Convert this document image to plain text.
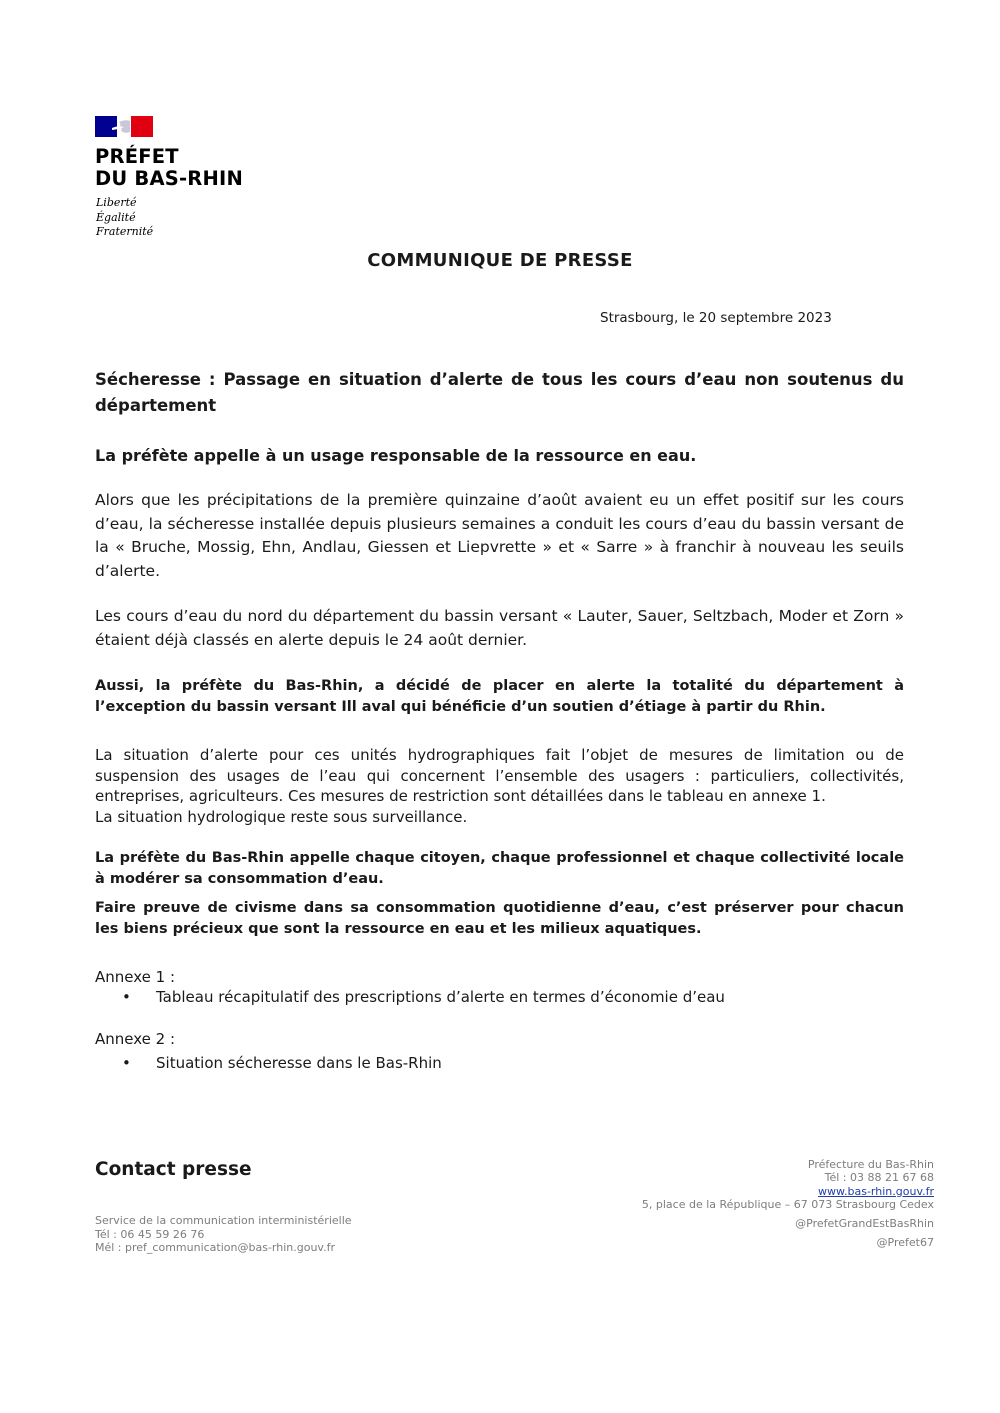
PRÉFET
DU BAS-RHIN
Liberté
Égalité
Fraternité
COMMUNIQUE DE PRESSE
Strasbourg, le 20 septembre 2023
Sécheresse : Passage en situation d’alerte de tous les cours d’eau non soutenus du département
La préfète appelle à un usage responsable de la ressource en eau.
Alors que les précipitations de la première quinzaine d’août avaient eu un effet positif sur les cours d’eau, la sécheresse installée depuis plusieurs semaines a conduit les cours d’eau du bassin versant de la « Bruche, Mossig, Ehn, Andlau, Giessen et Liepvrette » et « Sarre » à franchir à nouveau les seuils d’alerte.
Les cours d’eau du nord du département du bassin versant « Lauter, Sauer, Seltzbach, Moder et Zorn » étaient déjà classés en alerte depuis le 24 août dernier.
Aussi, la préfète du Bas-Rhin, a décidé de placer en alerte la totalité du département à l’exception du bassin versant Ill aval qui bénéficie d’un soutien d’étiage à partir du Rhin.

La situation d’alerte pour ces unités hydrographiques fait l’objet de mesures de limitation ou de suspension des usages de l’eau qui concernent l’ensemble des usagers : particuliers, collectivités, entreprises, agriculteurs. Ces mesures de restriction sont détaillées dans le tableau en annexe 1.

La situation hydrologique reste sous surveillance.

La préfète du Bas-Rhin appelle chaque citoyen, chaque professionnel et chaque collectivité locale à modérer sa consommation d’eau.
Faire preuve de civisme dans sa consommation quotidienne d’eau, c’est préserver pour chacun les biens précieux que sont la ressource en eau et les milieux aquatiques.
Annexe 1 :
• Tableau récapitulatif des prescriptions d’alerte en termes d’économie d’eau
Annexe 2 :
• Situation sécheresse dans le Bas-Rhin
Contact presse
Service de la communication interministérielle
Tél : 06 45 59 26 76
Mél : pref_communication@bas-rhin.gouv.fr
Préfecture du Bas-Rhin
Tél : 03 88 21 67 68
www.bas-rhin.gouv.fr
5, place de la République – 67 073 Strasbourg Cedex
@PrefetGrandEstBasRhin
@Prefet67
